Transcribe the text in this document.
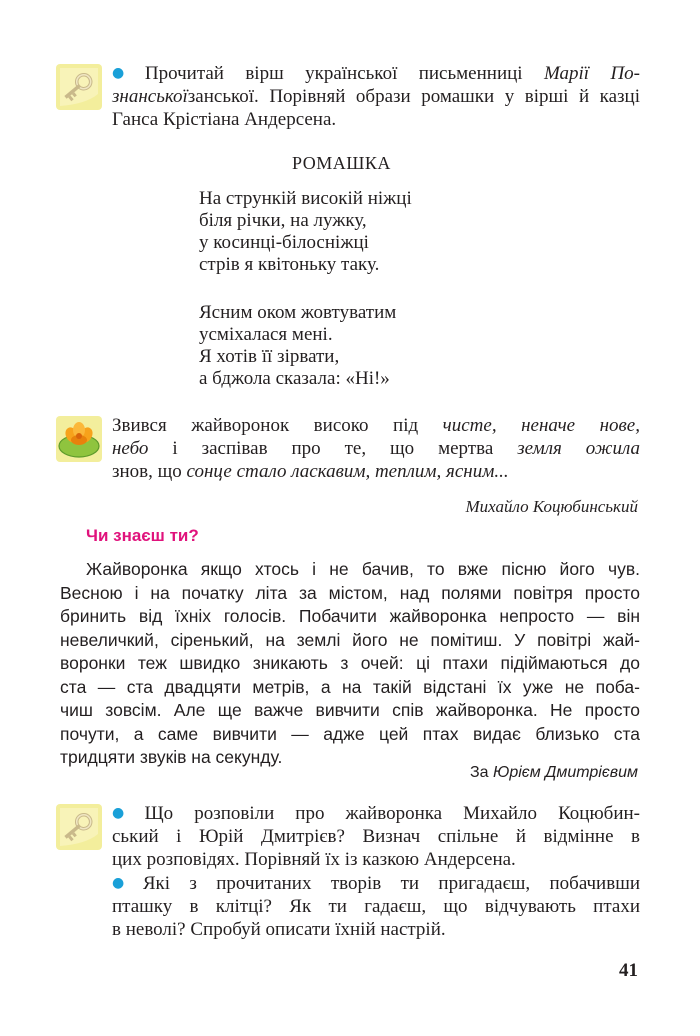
● Прочитай вірш української письменниці Марії По-
знанськоїзанської. Порівняй образи ромашки у вірші й казці
Ганса Крістіана Андерсена.
РОМАШКА
На стрункій високій ніжці
біля річки, на лужку,
у косинці-білосніжці
стрів я квітоньку таку.
Ясним оком жовтуватим
усміхалася мені.
Я хотів її зірвати,
а бджола сказала: «Ні!»
Звився жайворонок високо під чисте, неначе нове,
небо і заспівав про те, що мертва земля ожила
знов, що сонце стало ласкавим, теплим, ясним...
Михайло Коцюбинський
Чи знаєш ти?
Жайворонка якщо хтось і не бачив, то вже пісню його чув.
Весною і на початку літа за містом, над полями повітря просто
бринить від їхніх голосів. Побачити жайворонка непросто — він
невеличкий, сіренький, на землі його не помітиш. У повітрі жай-
воронки теж швидко зникають з очей: ці птахи підіймаються до
ста — ста двадцяти метрів, а на такій відстані їх уже не поба-
чиш зовсім. Але ще важче вивчити спів жайворонка. Не просто
почути, а саме вивчити — адже цей птах видає близько ста
тридцяти звуків на секунду.
За Юрієм Дмитрієвим
● Що розповіли про жайворонка Михайло Коцюбин-
ський і Юрій Дмитрієв? Визнач спільне й відмінне в
цих розповідях. Порівняй їх із казкою Андерсена.
● Які з прочитаних творів ти пригадаєш, побачивши
пташку в клітці? Як ти гадаєш, що відчувають птахи
в неволі? Спробуй описати їхній настрій.
41
